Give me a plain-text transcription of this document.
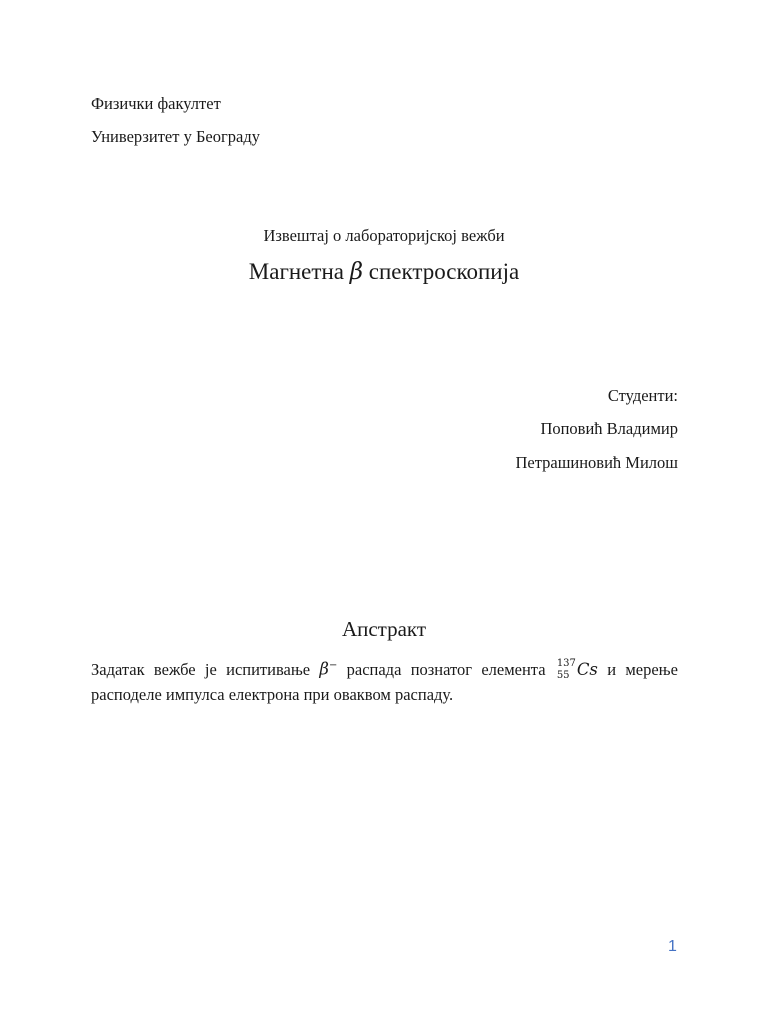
Физички факултет
Универзитет у Београду
Извештај о лабораторијској вежби
Магнетна β спектроскопија
Студенти:
Поповић Владимир
Петрашиновић Милош
Апстракт
Задатак вежбе је испитивање β− распада познатог елемента 137
55 Cs и мерење
расподеле импулса електрона при оваквом распаду.
1
